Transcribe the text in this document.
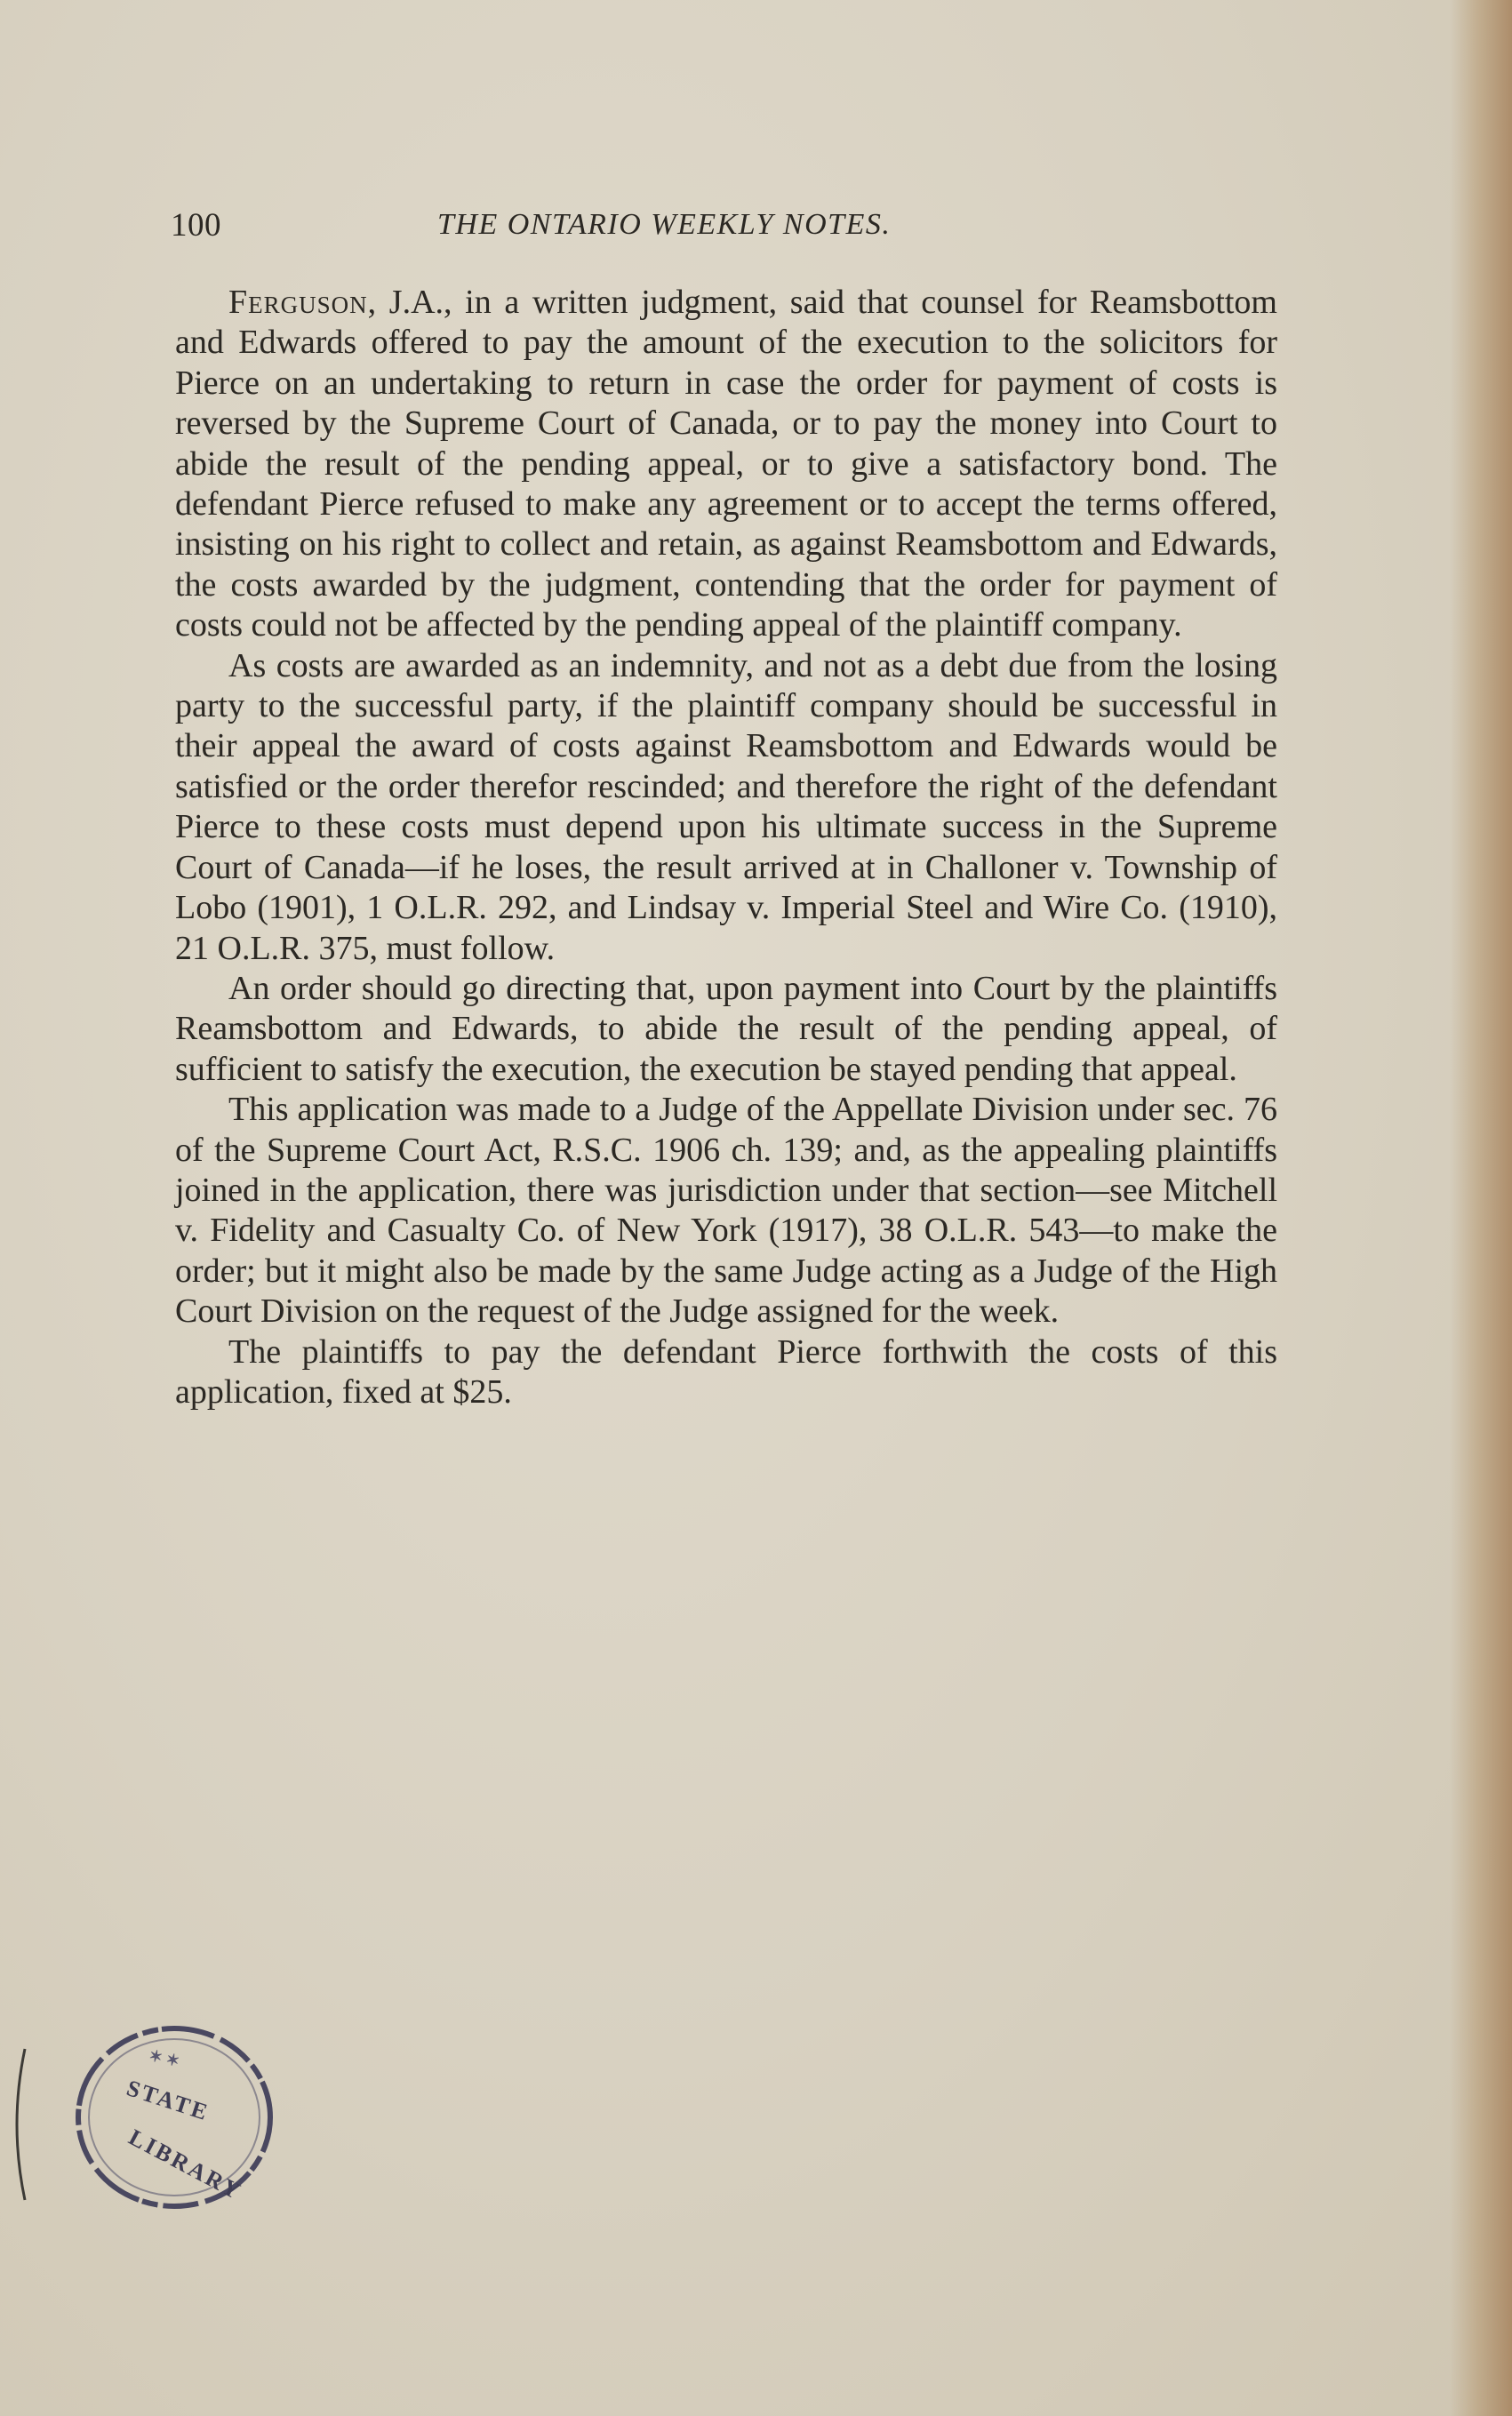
100	THE ONTARIO WEEKLY NOTES.

Ferguson, J.A., in a written judgment, said that counsel for Reamsbottom and Edwards offered to pay the amount of the execution to the solicitors for Pierce on an undertaking to return in case the order for payment of costs is reversed by the Supreme Court of Canada, or to pay the money into Court to abide the result of the pending appeal, or to give a satisfactory bond. The defendant Pierce refused to make any agreement or to accept the terms offered, insisting on his right to collect and retain, as against Reamsbottom and Edwards, the costs awarded by the judgment, contending that the order for payment of costs could not be affected by the pending appeal of the plaintiff company.

As costs are awarded as an indemnity, and not as a debt due from the losing party to the successful party, if the plaintiff company should be successful in their appeal the award of costs against Reamsbottom and Edwards would be satisfied or the order therefor rescinded; and therefore the right of the defendant Pierce to these costs must depend upon his ultimate success in the Supreme Court of Canada—if he loses, the result arrived at in Challoner v. Township of Lobo (1901), 1 O.L.R. 292, and Lindsay v. Imperial Steel and Wire Co. (1910), 21 O.L.R. 375, must follow.

An order should go directing that, upon payment into Court by the plaintiffs Reamsbottom and Edwards, to abide the result of the pending appeal, of sufficient to satisfy the execution, the execution be stayed pending that appeal.

This application was made to a Judge of the Appellate Division under sec. 76 of the Supreme Court Act, R.S.C. 1906 ch. 139; and, as the appealing plaintiffs joined in the application, there was jurisdiction under that section—see Mitchell v. Fidelity and Casualty Co. of New York (1917), 38 O.L.R. 543—to make the order; but it might also be made by the same Judge acting as a Judge of the High Court Division on the request of the Judge assigned for the week.

The plaintiffs to pay the defendant Pierce forthwith the costs of this application, fixed at $25.

STATE
LIBRARY
✶ ✶
